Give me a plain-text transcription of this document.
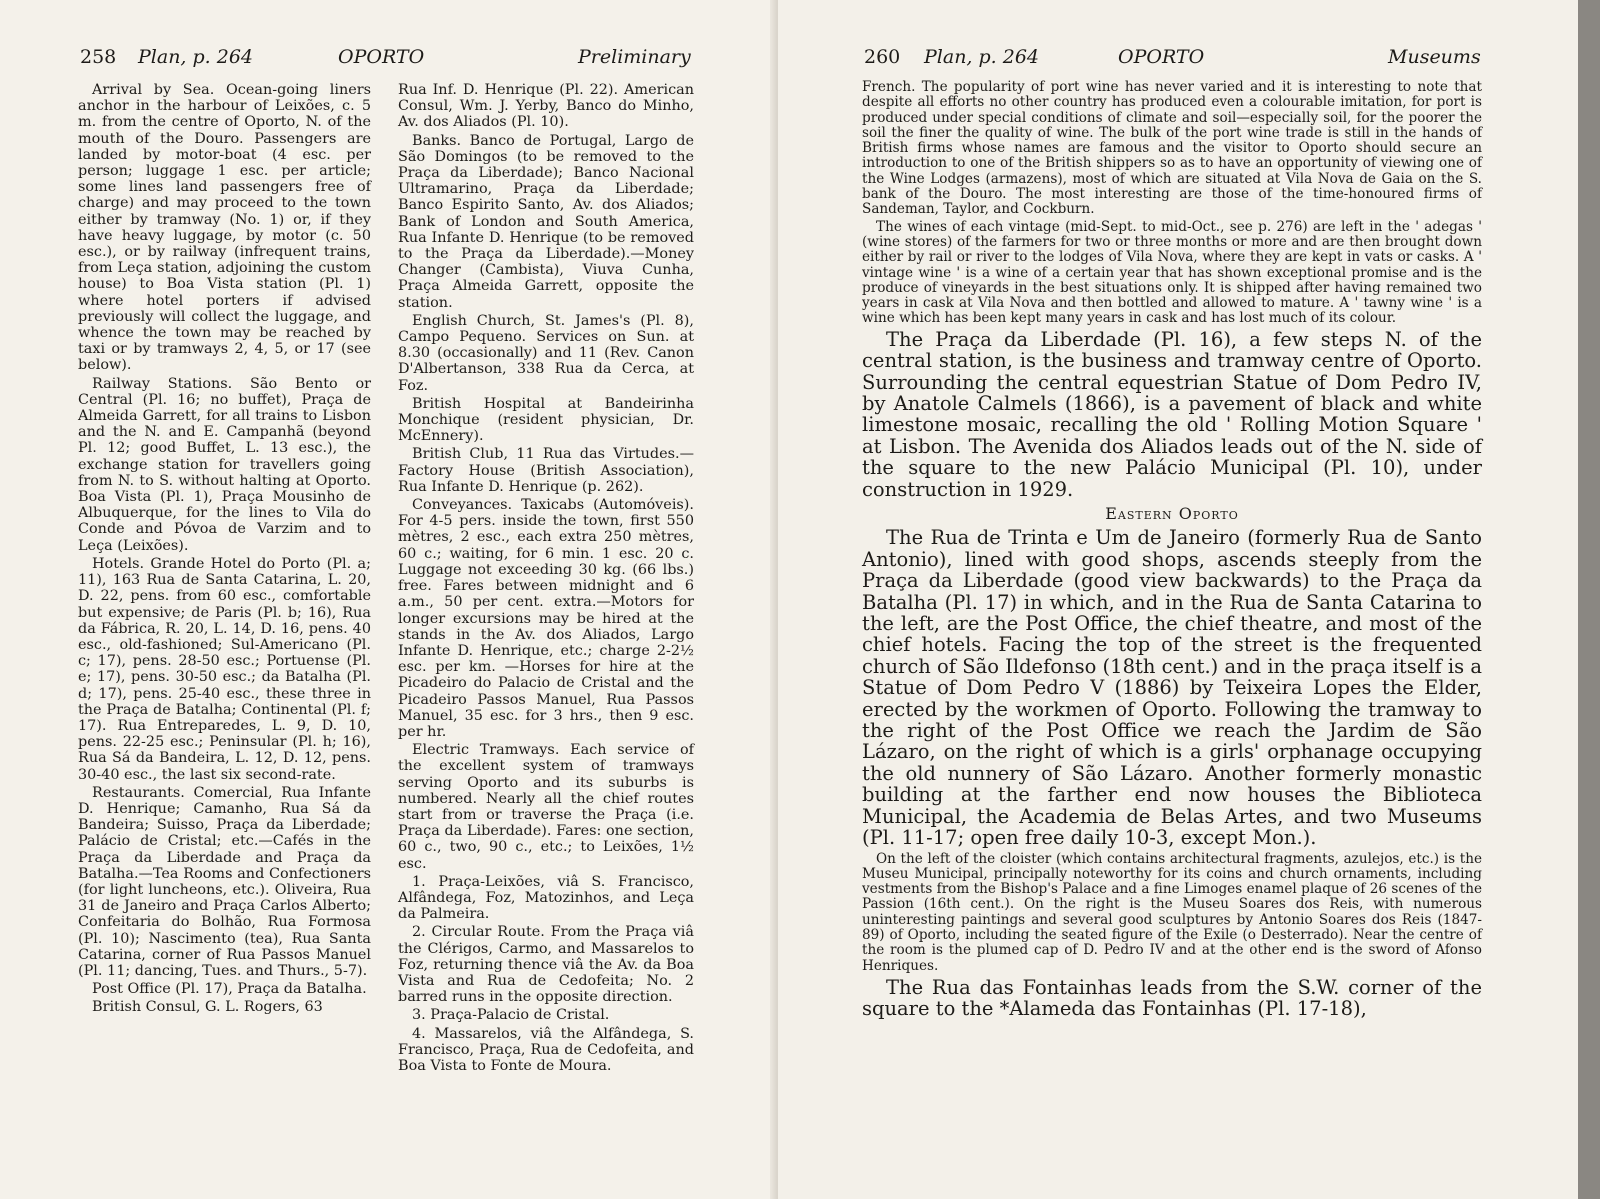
258 Plan, p. 264	OPORTO	Preliminary

Arrival by Sea. Ocean-going liners anchor in the harbour of Leixões, c. 5 m. from the centre of Oporto, N. of the mouth of the Douro. Passengers are landed by motor-boat (4 esc. per person; luggage 1 esc. per article; some lines land passengers free of charge) and may proceed to the town either by tramway (No. 1) or, if they have heavy luggage, by motor (c. 50 esc.), or by railway (infrequent trains, from Leça station, adjoining the custom house) to Boa Vista station (Pl. 1) where hotel porters if advised previously will collect the luggage, and whence the town may be reached by taxi or by tramways 2, 4, 5, or 17 (see below).

Railway Stations. São Bento or Central (Pl. 16; no buffet), Praça de Almeida Garrett, for all trains to Lisbon and the N. and E. Campanhã (beyond Pl. 12; good Buffet, L. 13 esc.), the exchange station for travellers going from N. to S. without halting at Oporto. Boa Vista (Pl. 1), Praça Mousinho de Albuquerque, for the lines to Vila do Conde and Póvoa de Varzim and to Leça (Leixões).

Hotels. Grande Hotel do Porto (Pl. a; 11), 163 Rua de Santa Catarina, L. 20, D. 22, pens. from 60 esc., comfortable but expensive; de Paris (Pl. b; 16), Rua da Fábrica, R. 20, L. 14, D. 16, pens. 40 esc., old-fashioned; Sul-Americano (Pl. c; 17), pens. 28-50 esc.; Portuense (Pl. e; 17), pens. 30-50 esc.; da Batalha (Pl. d; 17), pens. 25-40 esc., these three in the Praça de Batalha; Continental (Pl. f; 17). Rua Entreparedes, L. 9, D. 10, pens. 22-25 esc.; Peninsular (Pl. h; 16), Rua Sá da Bandeira, L. 12, D. 12, pens. 30-40 esc., the last six second-rate.

Restaurants. Comercial, Rua Infante D. Henrique; Camanho, Rua Sá da Bandeira; Suisso, Praça da Liberdade; Palácio de Cristal; etc.—Cafés in the Praça da Liberdade and Praça da Batalha.—Tea Rooms and Confectioners (for light luncheons, etc.). Oliveira, Rua 31 de Janeiro and Praça Carlos Alberto; Confeitaria do Bolhão, Rua Formosa (Pl. 10); Nascimento (tea), Rua Santa Catarina, corner of Rua Passos Manuel (Pl. 11; dancing, Tues. and Thurs., 5-7).

Post Office (Pl. 17), Praça da Batalha.

British Consul, G. L. Rogers, 63

Rua Inf. D. Henrique (Pl. 22). American Consul, Wm. J. Yerby, Banco do Minho, Av. dos Aliados (Pl. 10).

Banks. Banco de Portugal, Largo de São Domingos (to be removed to the Praça da Liberdade); Banco Nacional Ultramarino, Praça da Liberdade; Banco Espirito Santo, Av. dos Aliados; Bank of London and South America, Rua Infante D. Henrique (to be removed to the Praça da Liberdade).—Money Changer (Cambista), Viuva Cunha, Praça Almeida Garrett, opposite the station.

English Church, St. James's (Pl. 8), Campo Pequeno. Services on Sun. at 8.30 (occasionally) and 11 (Rev. Canon D'Albertanson, 338 Rua da Cerca, at Foz.

British Hospital at Bandeirinha Monchique (resident physician, Dr. McEnnery).

British Club, 11 Rua das Virtudes.—Factory House (British Association), Rua Infante D. Henrique (p. 262).

Conveyances. Taxicabs (Automóveis). For 4-5 pers. inside the town, first 550 mètres, 2 esc., each extra 250 mètres, 60 c.; waiting, for 6 min. 1 esc. 20 c. Luggage not exceeding 30 kg. (66 lbs.) free. Fares between midnight and 6 a.m., 50 per cent. extra.—Motors for longer excursions may be hired at the stands in the Av. dos Aliados, Largo Infante D. Henrique, etc.; charge 2-2½ esc. per km. —Horses for hire at the Picadeiro do Palacio de Cristal and the Picadeiro Passos Manuel, Rua Passos Manuel, 35 esc. for 3 hrs., then 9 esc. per hr.

Electric Tramways. Each service of the excellent system of tramways serving Oporto and its suburbs is numbered. Nearly all the chief routes start from or traverse the Praça (i.e. Praça da Liberdade). Fares: one section, 60 c., two, 90 c., etc.; to Leixões, 1½ esc.

1. Praça-Leixões, viâ S. Francisco, Alfândega, Foz, Matozinhos, and Leça da Palmeira.

2. Circular Route. From the Praça viâ the Clérigos, Carmo, and Massarelos to Foz, returning thence viâ the Av. da Boa Vista and Rua de Cedofeita; No. 2 barred runs in the opposite direction.

3. Praça-Palacio de Cristal.

4. Massarelos, viâ the Alfândega, S. Francisco, Praça, Rua de Cedofeita, and Boa Vista to Fonte de Moura.

260 Plan, p. 264	OPORTO	Museums

French. The popularity of port wine has never varied and it is interesting to note that despite all efforts no other country has produced even a colourable imitation, for port is produced under special conditions of climate and soil—especially soil, for the poorer the soil the finer the quality of wine. The bulk of the port wine trade is still in the hands of British firms whose names are famous and the visitor to Oporto should secure an introduction to one of the British shippers so as to have an opportunity of viewing one of the Wine Lodges (armazens), most of which are situated at Vila Nova de Gaia on the S. bank of the Douro. The most interesting are those of the time-honoured firms of Sandeman, Taylor, and Cockburn.

The wines of each vintage (mid-Sept. to mid-Oct., see p. 276) are left in the ' adegas ' (wine stores) of the farmers for two or three months or more and are then brought down either by rail or river to the lodges of Vila Nova, where they are kept in vats or casks. A ' vintage wine ' is a wine of a certain year that has shown exceptional promise and is the produce of vineyards in the best situations only. It is shipped after having remained two years in cask at Vila Nova and then bottled and allowed to mature. A ' tawny wine ' is a wine which has been kept many years in cask and has lost much of its colour.

The Praça da Liberdade (Pl. 16), a few steps N. of the central station, is the business and tramway centre of Oporto. Surrounding the central equestrian Statue of Dom Pedro IV, by Anatole Calmels (1866), is a pavement of black and white limestone mosaic, recalling the old ' Rolling Motion Square ' at Lisbon. The Avenida dos Aliados leads out of the N. side of the square to the new Palácio Municipal (Pl. 10), under construction in 1929.

Eastern Oporto

The Rua de Trinta e Um de Janeiro (formerly Rua de Santo Antonio), lined with good shops, ascends steeply from the Praça da Liberdade (good view backwards) to the Praça da Batalha (Pl. 17) in which, and in the Rua de Santa Catarina to the left, are the Post Office, the chief theatre, and most of the chief hotels. Facing the top of the street is the frequented church of São Ildefonso (18th cent.) and in the praça itself is a Statue of Dom Pedro V (1886) by Teixeira Lopes the Elder, erected by the workmen of Oporto. Following the tramway to the right of the Post Office we reach the Jardim de São Lázaro, on the right of which is a girls' orphanage occupying the old nunnery of São Lázaro. Another formerly monastic building at the farther end now houses the Biblioteca Municipal, the Academia de Belas Artes, and two Museums (Pl. 11-17; open free daily 10-3, except Mon.).

On the left of the cloister (which contains architectural fragments, azulejos, etc.) is the Museu Municipal, principally noteworthy for its coins and church ornaments, including vestments from the Bishop's Palace and a fine Limoges enamel plaque of 26 scenes of the Passion (16th cent.). On the right is the Museu Soares dos Reis, with numerous uninteresting paintings and several good sculptures by Antonio Soares dos Reis (1847-89) of Oporto, including the seated figure of the Exile (o Desterrado). Near the centre of the room is the plumed cap of D. Pedro IV and at the other end is the sword of Afonso Henriques.

The Rua das Fontainhas leads from the S.W. corner of the square to the *Alameda das Fontainhas (Pl. 17-18),
